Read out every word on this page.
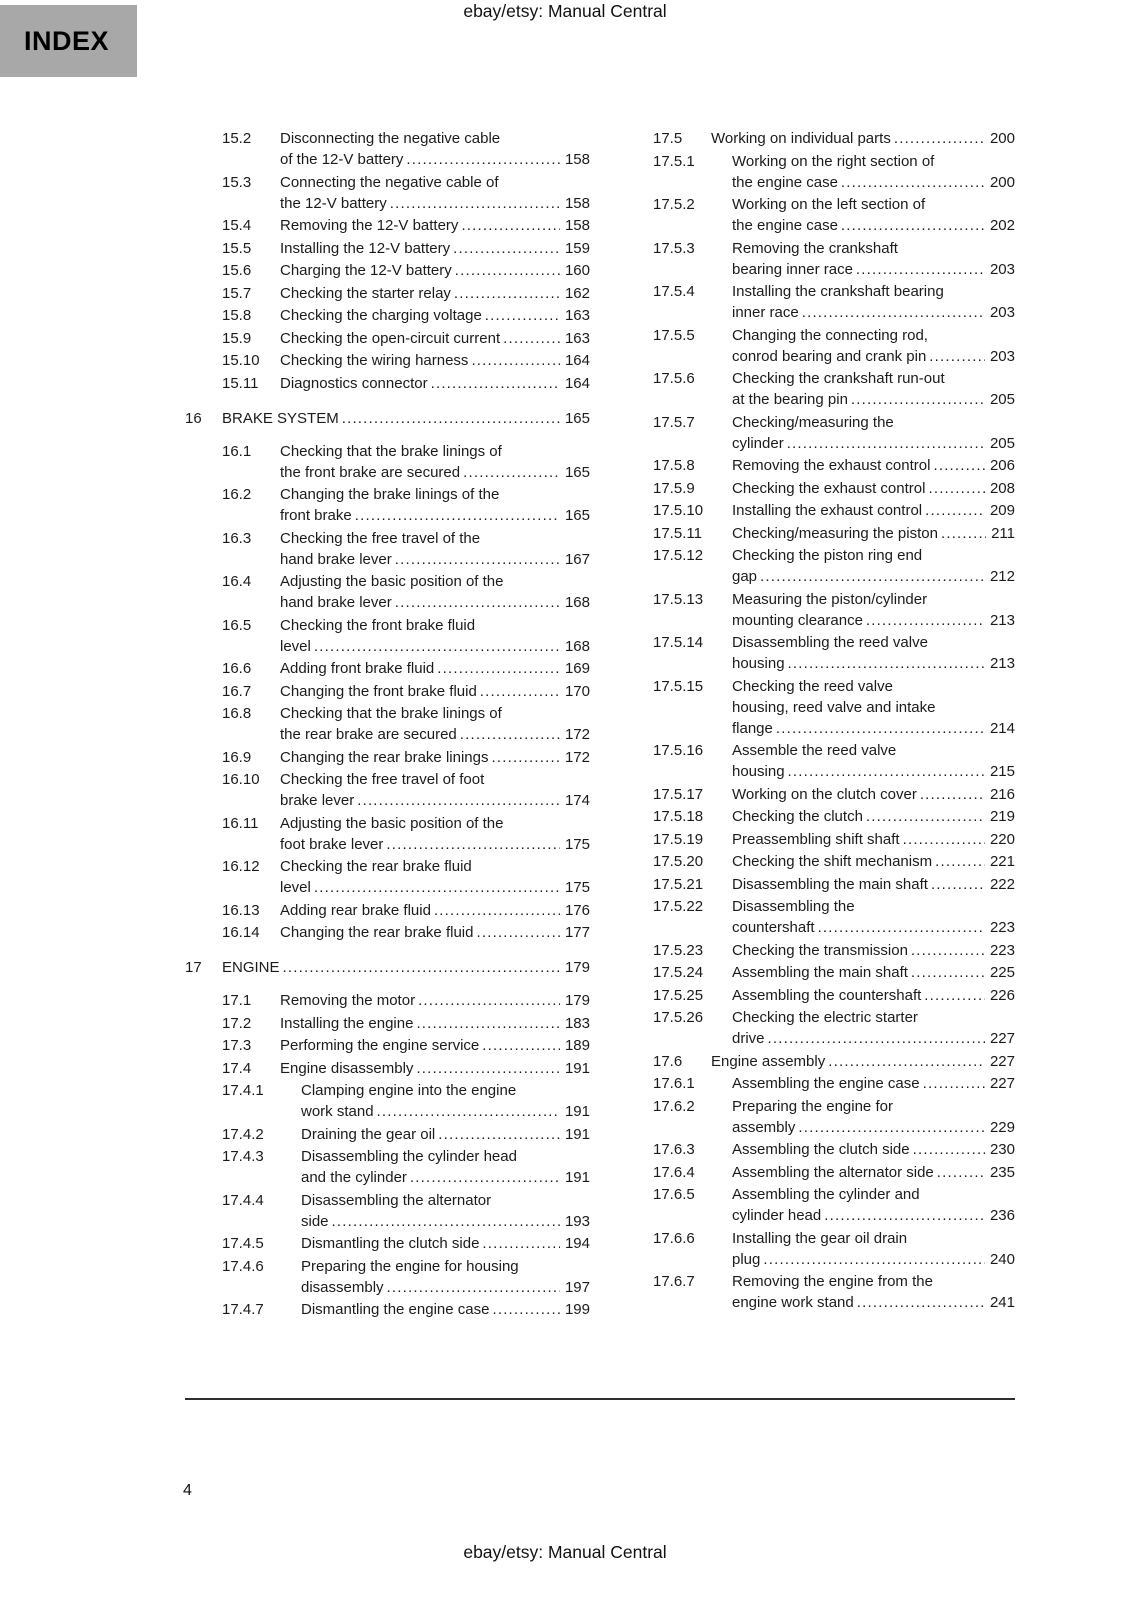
ebay/etsy: Manual Central
INDEX
15.2 Disconnecting the negative cable
of the 12-V battery .....	158
15.3 Connecting the negative cable of
the 12-V battery .....	158
15.4 Removing the 12-V battery .....	158
15.5 Installing the 12-V battery .....	159
15.6 Charging the 12-V battery .....	160
15.7 Checking the starter relay .....	162
15.8 Checking the charging voltage .....	163
15.9 Checking the open-circuit current .....	163
15.10 Checking the wiring harness .....	164
15.11 Diagnostics connector .....	164
16 BRAKE SYSTEM .....	165
16.1 Checking that the brake linings of
the front brake are secured .....	165
16.2 Changing the brake linings of the
front brake .....	165
16.3 Checking the free travel of the
hand brake lever .....	167
16.4 Adjusting the basic position of the
hand brake lever .....	168
16.5 Checking the front brake fluid
level .....	168
16.6 Adding front brake fluid .....	169
16.7 Changing the front brake fluid .....	170
16.8 Checking that the brake linings of
the rear brake are secured .....	172
16.9 Changing the rear brake linings .....	172
16.10 Checking the free travel of foot
brake lever .....	174
16.11 Adjusting the basic position of the
foot brake lever .....	175
16.12 Checking the rear brake fluid
level .....	175
16.13 Adding rear brake fluid .....	176
16.14 Changing the rear brake fluid .....	177
17 ENGINE .....	179
17.1 Removing the motor .....	179
17.2 Installing the engine .....	183
17.3 Performing the engine service .....	189
17.4 Engine disassembly .....	191
17.4.1 Clamping engine into the engine
work stand .....	191
17.4.2 Draining the gear oil .....	191
17.4.3 Disassembling the cylinder head
and the cylinder .....	191
17.4.4 Disassembling the alternator
side .....	193
17.4.5 Dismantling the clutch side .....	194
17.4.6 Preparing the engine for housing
disassembly .....	197
17.4.7 Dismantling the engine case .....	199
17.5 Working on individual parts .....	200
17.5.1 Working on the right section of
the engine case .....	200
17.5.2 Working on the left section of
the engine case .....	202
17.5.3 Removing the crankshaft
bearing inner race .....	203
17.5.4 Installing the crankshaft bearing
inner race .....	203
17.5.5 Changing the connecting rod,
conrod bearing and crank pin .....	203
17.5.6 Checking the crankshaft run-out
at the bearing pin .....	205
17.5.7 Checking/measuring the
cylinder .....	205
17.5.8 Removing the exhaust control .....	206
17.5.9 Checking the exhaust control .....	208
17.5.10 Installing the exhaust control .....	209
17.5.11 Checking/measuring the piston .....	211
17.5.12 Checking the piston ring end
gap .....	212
17.5.13 Measuring the piston/cylinder
mounting clearance .....	213
17.5.14 Disassembling the reed valve
housing .....	213
17.5.15 Checking the reed valve
housing, reed valve and intake
flange .....	214
17.5.16 Assemble the reed valve
housing .....	215
17.5.17 Working on the clutch cover .....	216
17.5.18 Checking the clutch .....	219
17.5.19 Preassembling shift shaft .....	220
17.5.20 Checking the shift mechanism .....	221
17.5.21 Disassembling the main shaft .....	222
17.5.22 Disassembling the
countershaft .....	223
17.5.23 Checking the transmission .....	223
17.5.24 Assembling the main shaft .....	225
17.5.25 Assembling the countershaft .....	226
17.5.26 Checking the electric starter
drive .....	227
17.6 Engine assembly .....	227
17.6.1 Assembling the engine case .....	227
17.6.2 Preparing the engine for
assembly .....	229
17.6.3 Assembling the clutch side .....	230
17.6.4 Assembling the alternator side .....	235
17.6.5 Assembling the cylinder and
cylinder head .....	236
17.6.6 Installing the gear oil drain
plug .....	240
17.6.7 Removing the engine from the
engine work stand .....	241
4
ebay/etsy: Manual Central
